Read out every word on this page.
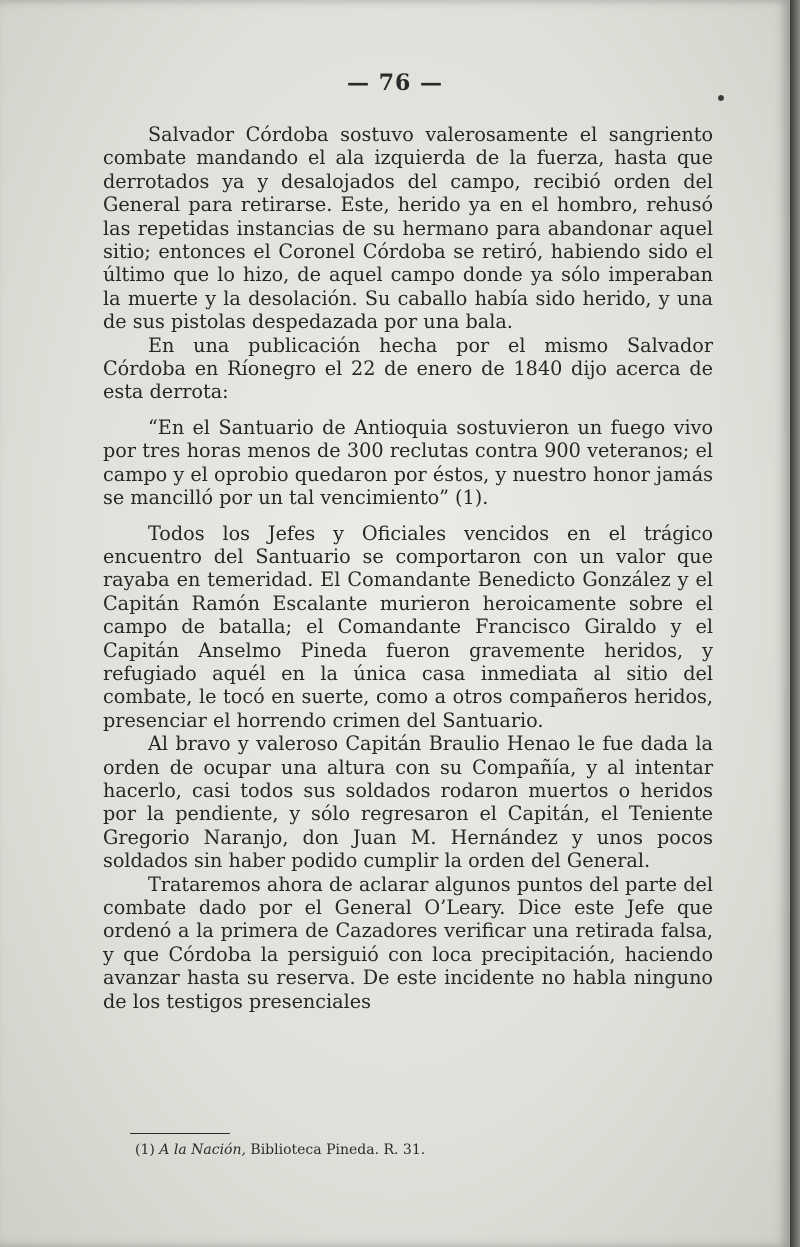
— 76 —

Salvador Córdoba sostuvo valerosamente el sangriento combate mandando el ala izquierda de la fuerza, hasta que derrotados ya y desalojados del campo, recibió orden del General para retirarse. Este, herido ya en el hombro, rehusó las repetidas instancias de su hermano para abandonar aquel sitio; entonces el Coronel Córdoba se retiró, habiendo sido el último que lo hizo, de aquel campo donde ya sólo imperaban la muerte y la desolación. Su caballo había sido herido, y una de sus pistolas despedazada por una bala.

En una publicación hecha por el mismo Salvador Córdoba en Ríonegro el 22 de enero de 1840 dijo acerca de esta derrota:

“En el Santuario de Antioquia sostuvieron un fuego vivo por tres horas menos de 300 reclutas contra 900 veteranos; el campo y el oprobio quedaron por éstos, y nuestro honor jamás se mancilló por un tal vencimiento” (1).

Todos los Jefes y Oficiales vencidos en el trágico encuentro del Santuario se comportaron con un valor que rayaba en temeridad. El Comandante Benedicto González y el Capitán Ramón Escalante murieron heroicamente sobre el campo de batalla; el Comandante Francisco Giraldo y el Capitán Anselmo Pineda fueron gravemente heridos, y refugiado aquél en la única casa inmediata al sitio del combate, le tocó en suerte, como a otros compañeros heridos, presenciar el horrendo crimen del Santuario.

Al bravo y valeroso Capitán Braulio Henao le fue dada la orden de ocupar una altura con su Compañía, y al intentar hacerlo, casi todos sus soldados rodaron muertos o heridos por la pendiente, y sólo regresaron el Capitán, el Teniente Gregorio Naranjo, don Juan M. Hernández y unos pocos soldados sin haber podido cumplir la orden del General.

Trataremos ahora de aclarar algunos puntos del parte del combate dado por el General O’Leary. Dice este Jefe que ordenó a la primera de Cazadores verificar una retirada falsa, y que Córdoba la persiguió con loca precipitación, haciendo avanzar hasta su reserva. De este incidente no habla ninguno de los testigos presenciales

(1) A la Nación, Biblioteca Pineda. R. 31.
